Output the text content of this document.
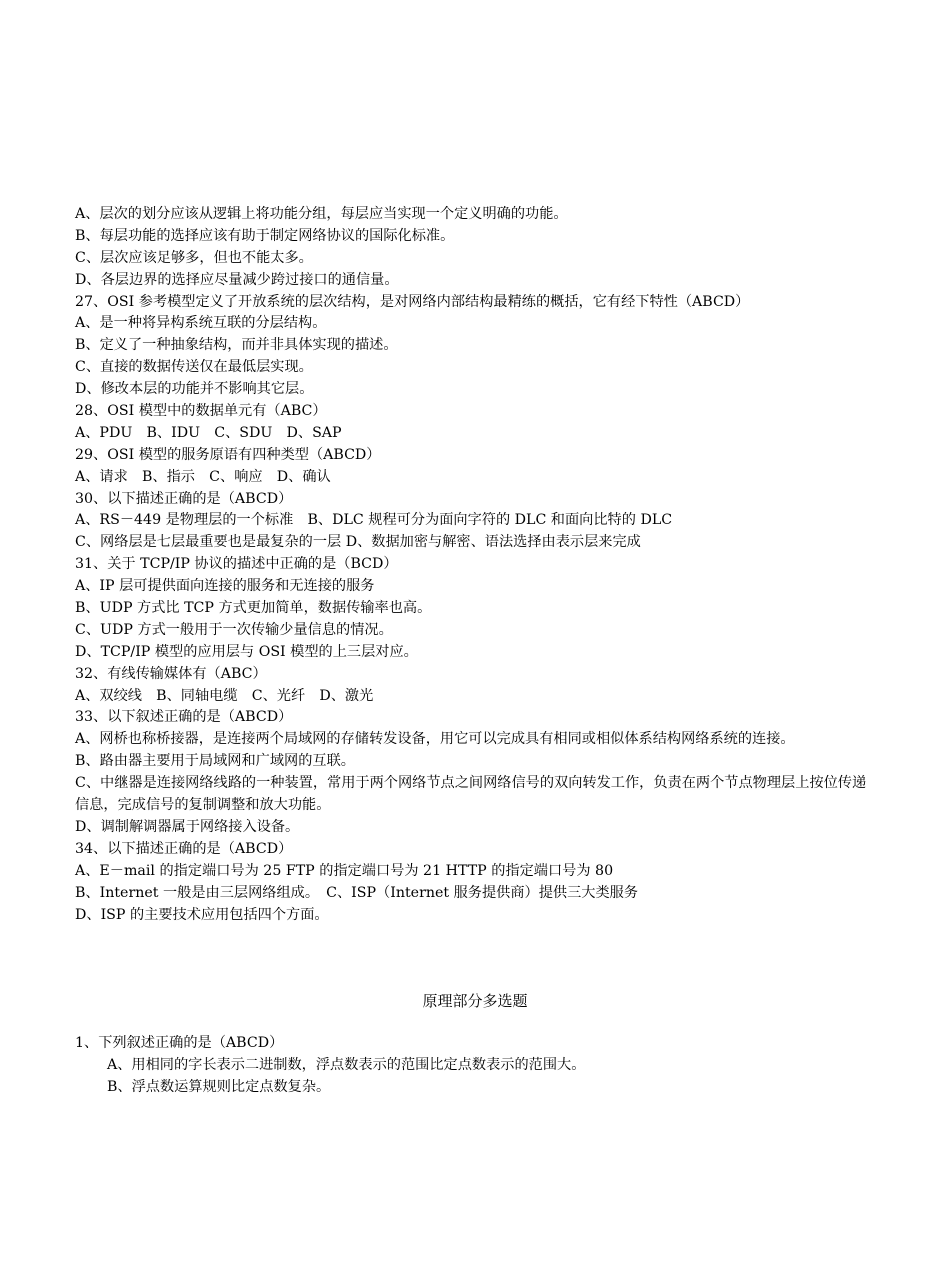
A、层次的划分应该从逻辑上将功能分组，每层应当实现一个定义明确的功能。
B、每层功能的选择应该有助于制定网络协议的国际化标准。
C、层次应该足够多，但也不能太多。
D、各层边界的选择应尽量减少跨过接口的通信量。
27、OSI 参考模型定义了开放系统的层次结构，是对网络内部结构最精练的概括，它有经下特性（ABCD）
A、是一种将异构系统互联的分层结构。
B、定义了一种抽象结构，而并非具体实现的描述。
C、直接的数据传送仅在最低层实现。
D、修改本层的功能并不影响其它层。
28、OSI 模型中的数据单元有（ABC）
A、PDU　B、IDU　C、SDU　D、SAP
29、OSI 模型的服务原语有四种类型（ABCD）
A、请求　B、指示　C、响应　D、确认
30、以下描述正确的是（ABCD）
A、RS－449 是物理层的一个标准　B、DLC 规程可分为面向字符的 DLC 和面向比特的 DLC
C、网络层是七层最重要也是最复杂的一层 D、数据加密与解密、语法选择由表示层来完成
31、关于 TCP/IP 协议的描述中正确的是（BCD）
A、IP 层可提供面向连接的服务和无连接的服务
B、UDP 方式比 TCP 方式更加简单，数据传输率也高。
C、UDP 方式一般用于一次传输少量信息的情况。
D、TCP/IP 模型的应用层与 OSI 模型的上三层对应。
32、有线传输媒体有（ABC）
A、双绞线　B、同轴电缆　C、光纤　D、激光
33、以下叙述正确的是（ABCD）
A、网桥也称桥接器，是连接两个局域网的存储转发设备，用它可以完成具有相同或相似体系结构网络系统的连接。
B、路由器主要用于局域网和广域网的互联。
C、中继器是连接网络线路的一种装置，常用于两个网络节点之间网络信号的双向转发工作，负责在两个节点物理层上按位传递信息，完成信号的复制调整和放大功能。
D、调制解调器属于网络接入设备。
34、以下描述正确的是（ABCD）
A、E－mail 的指定端口号为 25 FTP 的指定端口号为 21 HTTP 的指定端口号为 80
B、Internet 一般是由三层网络组成。　C、ISP（Internet 服务提供商）提供三大类服务
D、ISP 的主要技术应用包括四个方面。
原理部分多选题
1、下列叙述正确的是（ABCD）
A、用相同的字长表示二进制数，浮点数表示的范围比定点数表示的范围大。
B、浮点数运算规则比定点数复杂。
